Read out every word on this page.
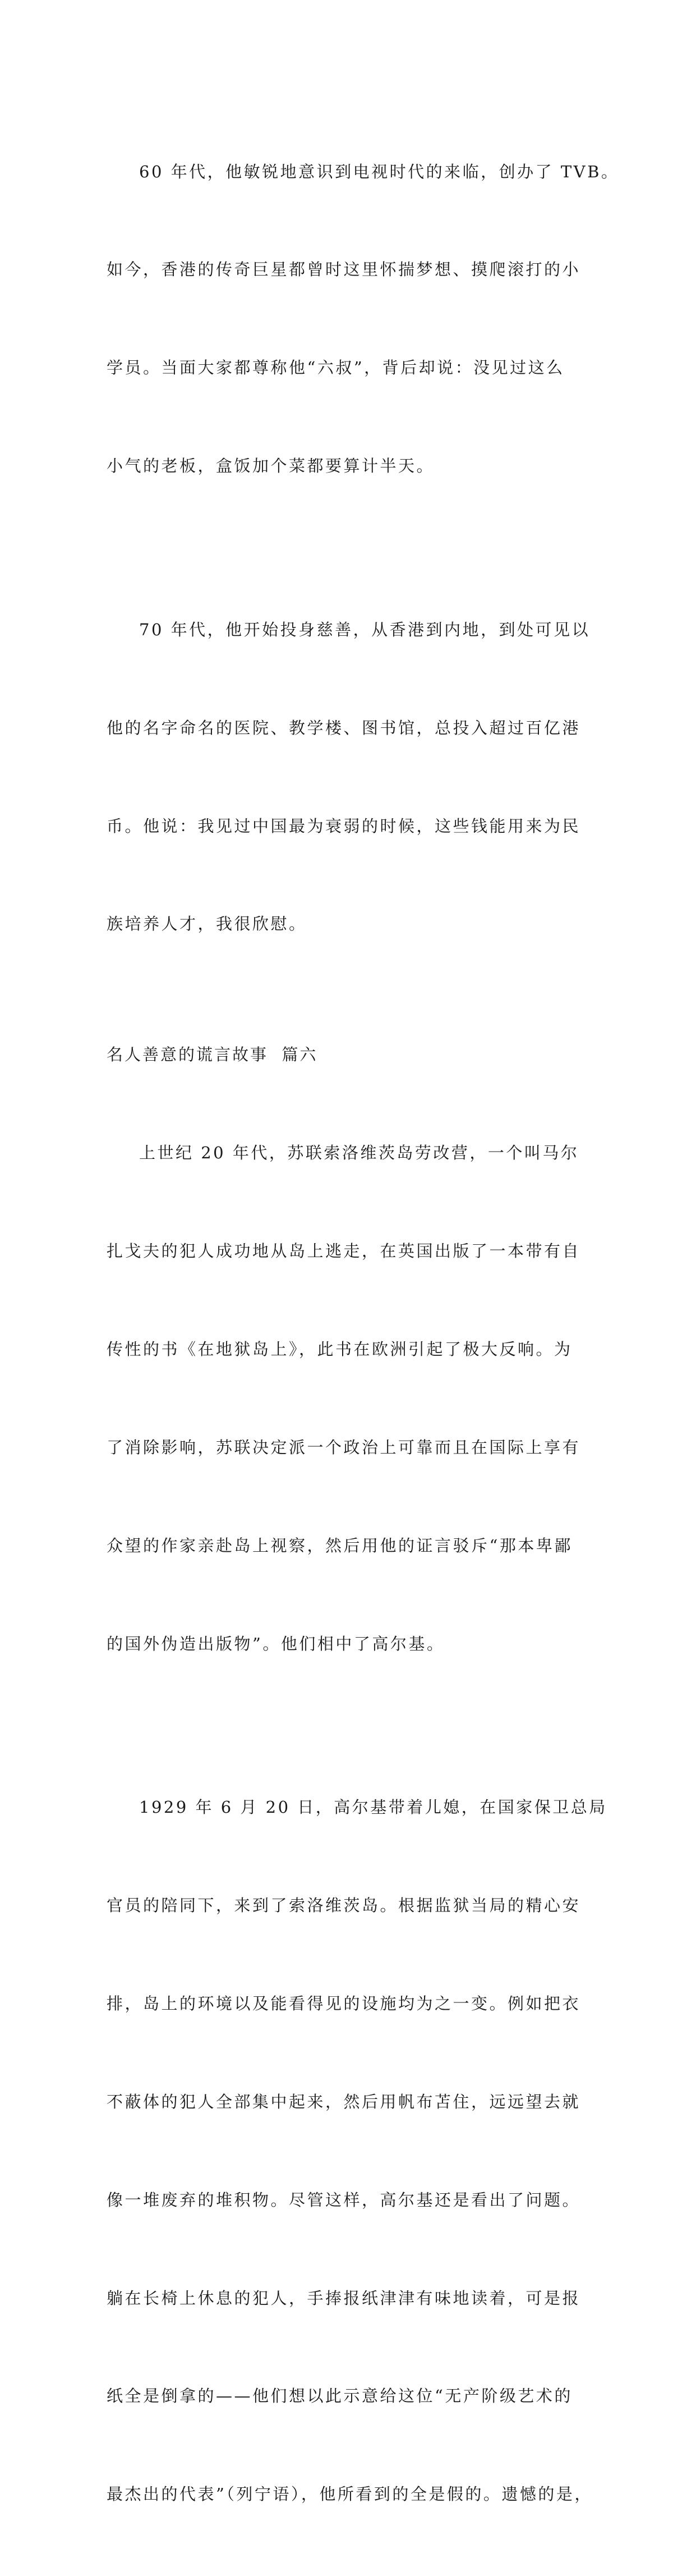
60 年代，他敏锐地意识到电视时代的来临，创办了 TVB。

如今，香港的传奇巨星都曾时这里怀揣梦想、摸爬滚打的小

学员。当面大家都尊称他“六叔”，背后却说：没见过这么

小气的老板，盒饭加个菜都要算计半天。

70 年代，他开始投身慈善，从香港到内地，到处可见以

他的名字命名的医院、教学楼、图书馆，总投入超过百亿港

币。他说：我见过中国最为衰弱的时候，这些钱能用来为民

族培养人才，我很欣慰。

名人善意的谎言故事  篇六

上世纪 20 年代，苏联索洛维茨岛劳改营，一个叫马尔

扎戈夫的犯人成功地从岛上逃走，在英国出版了一本带有自

传性的书《在地狱岛上》，此书在欧洲引起了极大反响。为

了消除影响，苏联决定派一个政治上可靠而且在国际上享有

众望的作家亲赴岛上视察，然后用他的证言驳斥“那本卑鄙

的国外伪造出版物”。他们相中了高尔基。

1929 年 6 月 20 日，高尔基带着儿媳，在国家保卫总局

官员的陪同下，来到了索洛维茨岛。根据监狱当局的精心安

排，岛上的环境以及能看得见的设施均为之一变。例如把衣

不蔽体的犯人全部集中起来，然后用帆布苫住，远远望去就

像一堆废弃的堆积物。尽管这样，高尔基还是看出了问题。

躺在长椅上休息的犯人，手捧报纸津津有味地读着，可是报

纸全是倒拿的——他们想以此示意给这位“无产阶级艺术的

最杰出的代表”（列宁语），他所看到的全是假的。遗憾的是，
